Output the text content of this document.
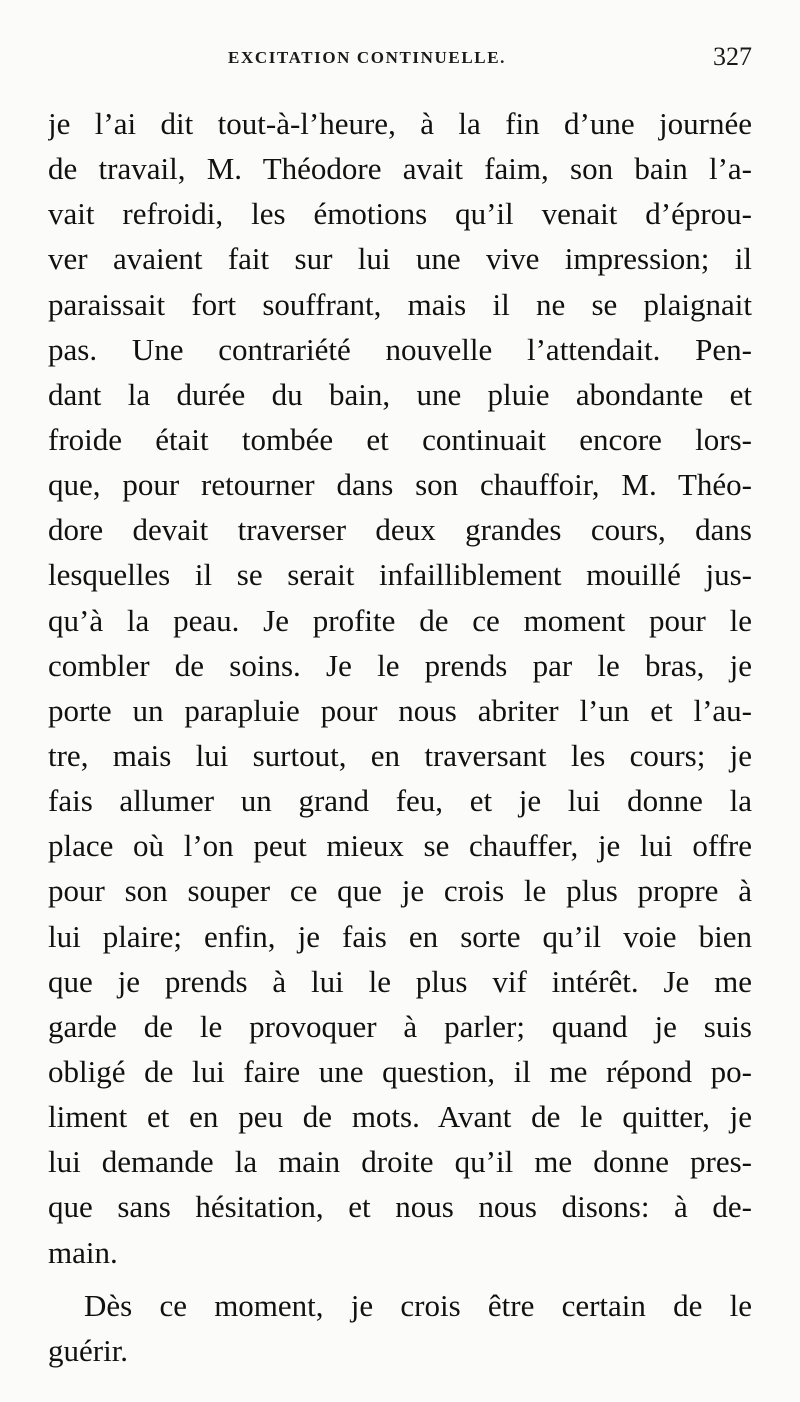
EXCITATION CONTINUELLE.	327
je l’ai dit tout-à-l’heure, à la fin d’une journée
de travail, M. Théodore avait faim, son bain l’a-
vait refroidi, les émotions qu’il venait d’éprou-
ver avaient fait sur lui une vive impression; il
paraissait fort souffrant, mais il ne se plaignait
pas. Une contrariété nouvelle l’attendait. Pen-
dant la durée du bain, une pluie abondante et
froide était tombée et continuait encore lors-
que, pour retourner dans son chauffoir, M. Théo-
dore devait traverser deux grandes cours, dans
lesquelles il se serait infailliblement mouillé jus-
qu’à la peau. Je profite de ce moment pour le
combler de soins. Je le prends par le bras, je
porte un parapluie pour nous abriter l’un et l’au-
tre, mais lui surtout, en traversant les cours; je
fais allumer un grand feu, et je lui donne la
place où l’on peut mieux se chauffer, je lui offre
pour son souper ce que je crois le plus propre à
lui plaire; enfin, je fais en sorte qu’il voie bien
que je prends à lui le plus vif intérêt. Je me
garde de le provoquer à parler; quand je suis
obligé de lui faire une question, il me répond po-
liment et en peu de mots. Avant de le quitter, je
lui demande la main droite qu’il me donne pres-
que sans hésitation, et nous nous disons: à de-
main.
Dès ce moment, je crois être certain de le
guérir.
